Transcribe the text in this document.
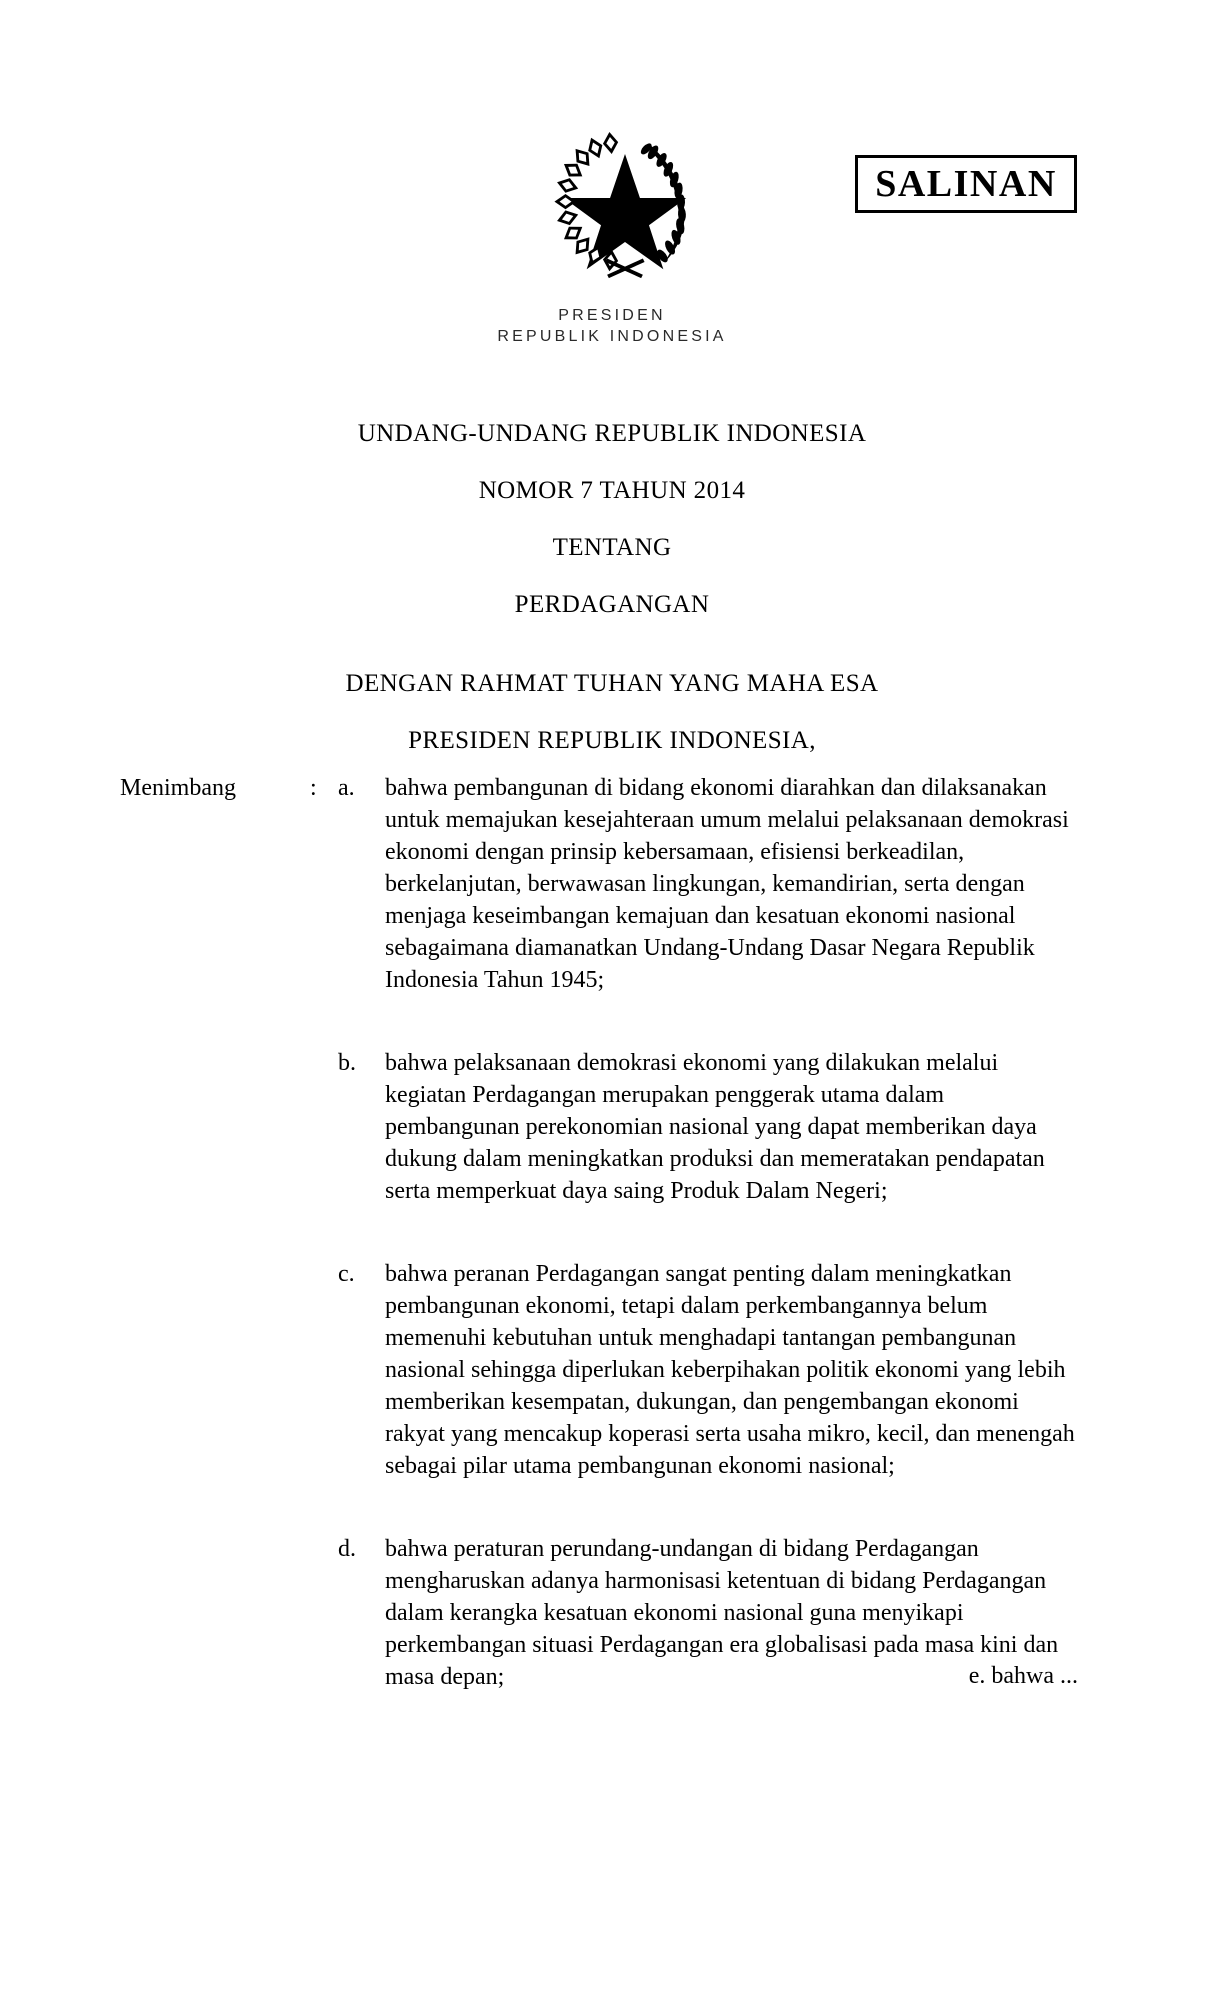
SALINAN
PRESIDEN
REPUBLIK INDONESIA
UNDANG-UNDANG REPUBLIK INDONESIA
NOMOR 7 TAHUN 2014
TENTANG
PERDAGANGAN
DENGAN RAHMAT TUHAN YANG MAHA ESA
PRESIDEN REPUBLIK INDONESIA,
Menimbang	: a. bahwa pembangunan di bidang ekonomi diarahkan dan dilaksanakan untuk memajukan kesejahteraan umum melalui pelaksanaan demokrasi ekonomi dengan prinsip kebersamaan, efisiensi berkeadilan, berkelanjutan, berwawasan lingkungan, kemandirian, serta dengan menjaga keseimbangan kemajuan dan kesatuan ekonomi nasional sebagaimana diamanatkan Undang-Undang Dasar Negara Republik Indonesia Tahun 1945;
b. bahwa pelaksanaan demokrasi ekonomi yang dilakukan melalui kegiatan Perdagangan merupakan penggerak utama dalam pembangunan perekonomian nasional yang dapat memberikan daya dukung dalam meningkatkan produksi dan memeratakan pendapatan serta memperkuat daya saing Produk Dalam Negeri;
c. bahwa peranan Perdagangan sangat penting dalam meningkatkan pembangunan ekonomi, tetapi dalam perkembangannya belum memenuhi kebutuhan untuk menghadapi tantangan pembangunan nasional sehingga diperlukan keberpihakan politik ekonomi yang lebih memberikan kesempatan, dukungan, dan pengembangan ekonomi rakyat yang mencakup koperasi serta usaha mikro, kecil, dan menengah sebagai pilar utama pembangunan ekonomi nasional;
d. bahwa peraturan perundang-undangan di bidang Perdagangan mengharuskan adanya harmonisasi ketentuan di bidang Perdagangan dalam kerangka kesatuan ekonomi nasional guna menyikapi perkembangan situasi Perdagangan era globalisasi pada masa kini dan masa depan;	e. bahwa ...
